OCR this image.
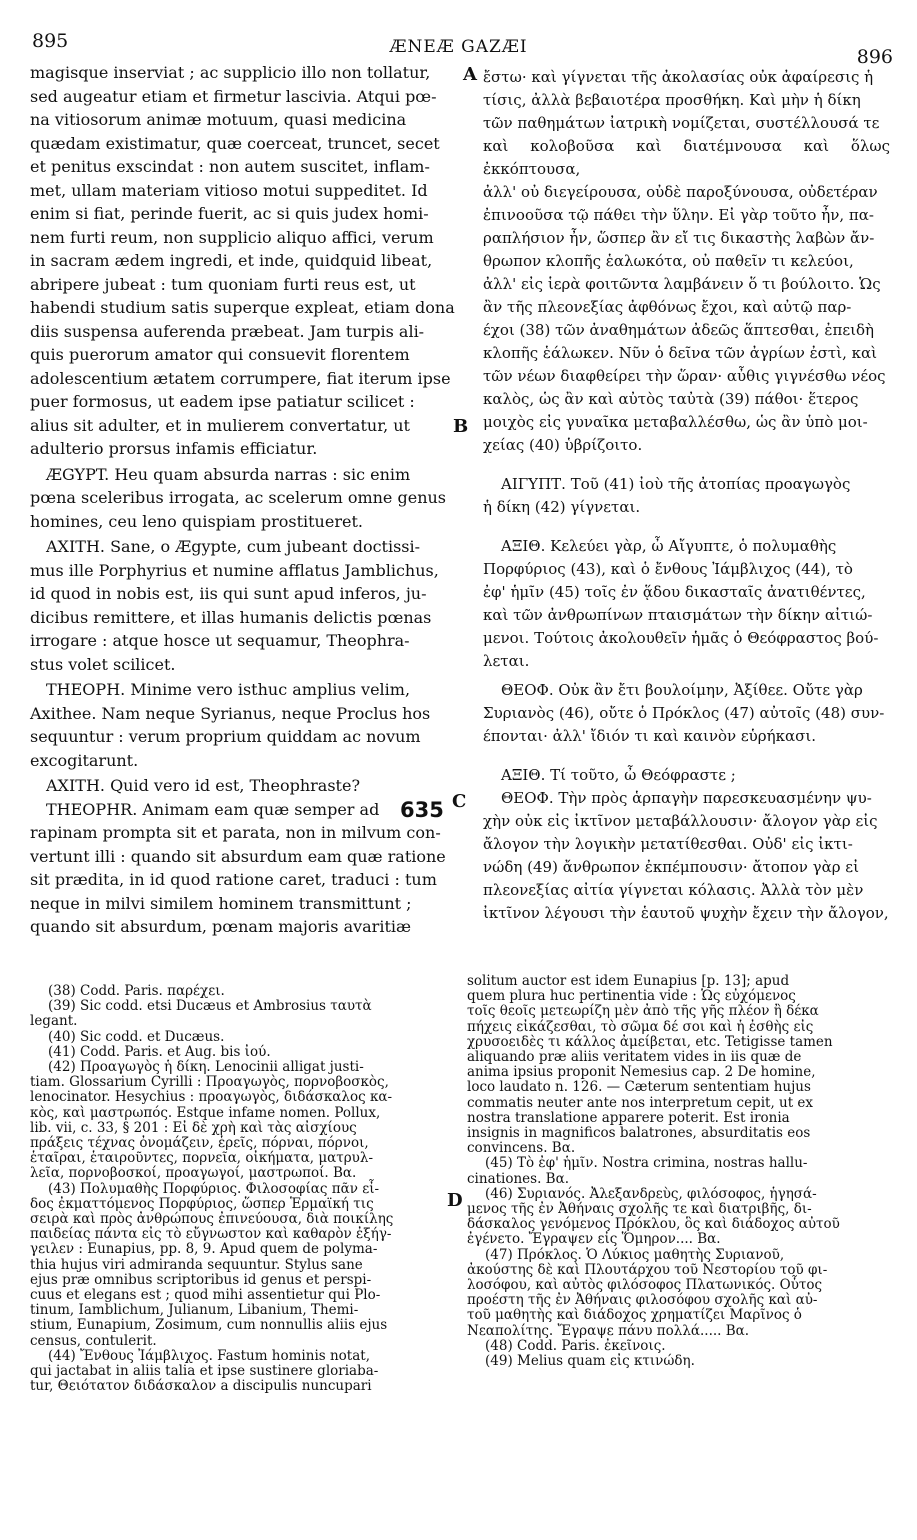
895	ÆNEÆ GAZÆI	896
A
B
C
D
635

magisque inserviat ; ac supplicio illo non tollatur,

sed augeatur etiam et firmetur lascivia. Atqui pœ-

na vitiosorum animæ motuum, quasi medicina

quædam existimatur, quæ coerceat, truncet, secet

et penitus exscindat : non autem suscitet, inflam-

met, ullam materiam vitioso motui suppeditet. Id

enim si fiat, perinde fuerit, ac si quis judex homi-

nem furti reum, non supplicio aliquo affici, verum

in sacram ædem ingredi, et inde, quidquid libeat,

abripere jubeat : tum quoniam furti reus est, ut

habendi studium satis superque expleat, etiam dona

diis suspensa auferenda præbeat. Jam turpis ali-

quis puerorum amator qui consuevit florentem

adolescentium ætatem corrumpere, fiat iterum ipse

puer formosus, ut eadem ipse patiatur scilicet :

alius sit adulter, et in mulierem convertatur, ut

adulterio prorsus infamis efficiatur.

ÆGYPT. Heu quam absurda narras : sic enim

pœna sceleribus irrogata, ac scelerum omne genus

homines, ceu leno quispiam prostitueret.

AXITH. Sane, o Ægypte, cum jubeant doctissi-

mus ille Porphyrius et numine afflatus Jamblichus,

id quod in nobis est, iis qui sunt apud inferos, ju-

dicibus remittere, et illas humanis delictis pœnas

irrogare : atque hosce ut sequamur, Theophra-

stus volet scilicet.

THEOPH. Minime vero isthuc amplius velim,

Axithee. Nam neque Syrianus, neque Proclus hos

sequuntur : verum proprium quiddam ac novum

excogitarunt.

AXITH. Quid vero id est, Theophraste?

THEOPHR. Animam eam quæ semper ad

rapinam prompta sit et parata, non in milvum con-

vertunt illi : quando sit absurdum eam quæ ratione

sit prædita, in id quod ratione caret, traduci : tum

neque in milvi similem hominem transmittunt ;

quando sit absurdum, pœnam majoris avaritiæ

ἔστω· καὶ γίγνεται τῆς ἀκολασίας οὐκ ἀφαίρεσις ἡ

τίσις, ἀλλὰ βεβαιοτέρα προσθήκη. Καὶ μὴν ἡ δίκη

τῶν παθημάτων ἰατρικὴ νομίζεται, συστέλλουσά τε

καὶ κολοβοῦσα καὶ διατέμνουσα καὶ ὅλως ἐκκόπτουσα,

ἀλλ' οὐ διεγείρουσα, οὐδὲ παροξύνουσα, οὐδετέραν

ἐπινοοῦσα τῷ πάθει τὴν ὕλην. Εἰ γὰρ τοῦτο ἦν, πα-

ραπλήσιον ἦν, ὥσπερ ἂν εἴ τις δικαστὴς λαβὼν ἄν-

θρωπον κλοπῆς ἑαλωκότα, οὐ παθεῖν τι κελεύοι,

ἀλλ' εἰς ἱερὰ φοιτῶντα λαμβάνειν ὅ τι βούλοιτο. Ὡς

ἂν τῆς πλεονεξίας ἀφθόνως ἔχοι, καὶ αὐτῷ παρ-

έχοι (38) τῶν ἀναθημάτων ἀδεῶς ἅπτεσθαι, ἐπειδὴ

κλοπῆς ἑάλωκεν. Νῦν ὁ δεῖνα τῶν ἀγρίων ἐστὶ, καὶ

τῶν νέων διαφθείρει τὴν ὥραν· αὖθις γιγνέσθω νέος

καλὸς, ὡς ἂν καὶ αὐτὸς ταὐτὰ (39) πάθοι· ἕτερος

μοιχὸς εἰς γυναῖκα μεταβαλλέσθω, ὡς ἂν ὑπὸ μοι-

χείας (40) ὑβρίζοιτο.

ΑΙΓΥΠΤ. Τοῦ (41) ἰοὺ τῆς ἀτοπίας προαγωγὸς

ἡ δίκη (42) γίγνεται.

ΑΞΙΘ. Κελεύει γὰρ, ὦ Αἴγυπτε, ὁ πολυμαθὴς

Πορφύριος (43), καὶ ὁ ἔνθους Ἰάμβλιχος (44), τὸ

ἐφ' ἡμῖν (45) τοῖς ἐν ᾅδου δικασταῖς ἀνατιθέντες,

καὶ τῶν ἀνθρωπίνων πταισμάτων τὴν δίκην αἰτιώ-

μενοι. Τούτοις ἀκολουθεῖν ἡμᾶς ὁ Θεόφραστος βού-

λεται.

ΘΕΟΦ. Οὐκ ἂν ἔτι βουλοίμην, Ἀξίθεε. Οὔτε γὰρ

Συριανὸς (46), οὔτε ὁ Πρόκλος (47) αὐτοῖς (48) συν-

έπονται· ἀλλ' ἴδιόν τι καὶ καινὸν εὑρήκασι.

ΑΞΙΘ. Τί τοῦτο, ὦ Θεόφραστε ;

ΘΕΟΦ. Τὴν πρὸς ἁρπαγὴν παρεσκευασμένην ψυ-

χὴν οὐκ εἰς ἰκτῖνον μεταβάλλουσιν· ἄλογον γὰρ εἰς

ἄλογον τὴν λογικὴν μετατίθεσθαι. Οὐδ' εἰς ἰκτι-

νώδη (49) ἄνθρωπον ἐκπέμπουσιν· ἄτοπον γὰρ εἰ

πλεονεξίας αἰτία γίγνεται κόλασις. Ἀλλὰ τὸν μὲν

ἰκτῖνον λέγουσι τὴν ἑαυτοῦ ψυχὴν ἔχειν τὴν ἄλογον,

(38) Codd. Paris. παρέχει.

(39) Sic codd. etsi Ducæus et Ambrosius ταυτὰ

legant.

(40) Sic codd. et Ducæus.

(41) Codd. Paris. et Aug. bis ἰού.

(42) Προαγωγὸς ἡ δίκη. Lenocinii alligat justi-

tiam. Glossarium Cyrilli : Προαγωγὸς, πορνοβοσκὸς,

lenocinator. Hesychius : προαγωγὸς, διδάσκαλος κα-

κὸς, καὶ μαστρωπός. Estque infame nomen. Pollux,

lib. vii, c. 33, § 201 : Εἰ δὲ χρὴ καὶ τὰς αἰσχίους

πράξεις τέχνας ὀνομάζειν, ἑρεῖς, πόρναι, πόρνοι,

ἑταῖραι, ἑταιροῦντες, πορνεῖα, οἰκήματα, ματρυλ-

λεῖα, πορνοβοσκοί, προαγωγοί, μαστρωποί. Bα.

(43) Πολυμαθὴς Πορφύριος. Φιλοσοφίας πᾶν εἶ-

δος ἐκματτόμενος Πορφύριος, ὥσπερ Ἑρμαϊκή τις

σειρὰ καὶ πρὸς ἀνθρώπους ἐπινεύουσα, διὰ ποικίλης

παιδείας πάντα εἰς τὸ εὔγνωστον καὶ καθαρὸν ἐξήγ-

γειλεν : Eunapius, pp. 8, 9. Apud quem de polyma-

thia hujus viri admiranda sequuntur. Stylus sane

ejus præ omnibus scriptoribus id genus et perspi-

cuus et elegans est ; quod mihi assentietur qui Plo-

tinum, Iamblichum, Julianum, Libanium, Themi-

stium, Eunapium, Zosimum, cum nonnullis aliis ejus

census, contulerit.

(44) Ἔνθους Ἰάμβλιχος. Fastum hominis notat,

qui jactabat in aliis talia et ipse sustinere gloriaba-

tur, Θειότατον διδάσκαλον a discipulis nuncupari

solitum auctor est idem Eunapius [p. 13]; apud

quem plura huc pertinentia vide : Ὡς εὐχόμενος

τοῖς θεοῖς μετεωρίζη μὲν ἀπὸ τῆς γῆς πλέον ἢ δέκα

πήχεις εἰκάζεσθαι, τὸ σῶμα δέ σοι καὶ ἡ ἐσθὴς εἰς

χρυσοειδὲς τι κάλλος ἀμείβεται, etc. Tetigisse tamen

aliquando præ aliis veritatem vides in iis quæ de

anima ipsius proponit Nemesius cap. 2 De homine,

loco laudato n. 126. — Cæterum sententiam hujus

commatis neuter ante nos interpretum cepit, ut ex

nostra translatione apparere poterit. Est ironia

insignis in magnificos balatrones, absurditatis eos

convincens. Bα.

(45) Τὸ ἐφ' ἡμῖν. Nostra crimina, nostras hallu-

cinationes. Bα.

(46) Συριανός. Ἀλεξανδρεὺς, φιλόσοφος, ἡγησά-

μενος τῆς ἐν Ἀθήναις σχολῆς τε καὶ διατριβῆς, δι-

δάσκαλος γενόμενος Πρόκλου, ὃς καὶ διάδοχος αὐτοῦ

ἐγένετο. Ἔγραψεν εἰς Ὅμηρον.... Bα.

(47) Πρόκλος. Ὁ Λύκιος μαθητὴς Συριανοῦ,

ἀκούστης δὲ καὶ Πλουτάρχου τοῦ Νεστορίου τοῦ φι-

λοσόφου, καὶ αὐτὸς φιλόσοφος Πλατωνικός. Οὗτος

προέστη τῆς ἐν Ἀθήναις φιλοσόφου σχολῆς καὶ αὐ-

τοῦ μαθητὴς καὶ διάδοχος χρηματίζει Μαρῖνος ὁ

Νεαπολίτης. Ἔγραψε πάνυ πολλά..... Bα.

(48) Codd. Paris. ἐκεῖνοις.

(49) Melius quam εἰς κτινώδη.
